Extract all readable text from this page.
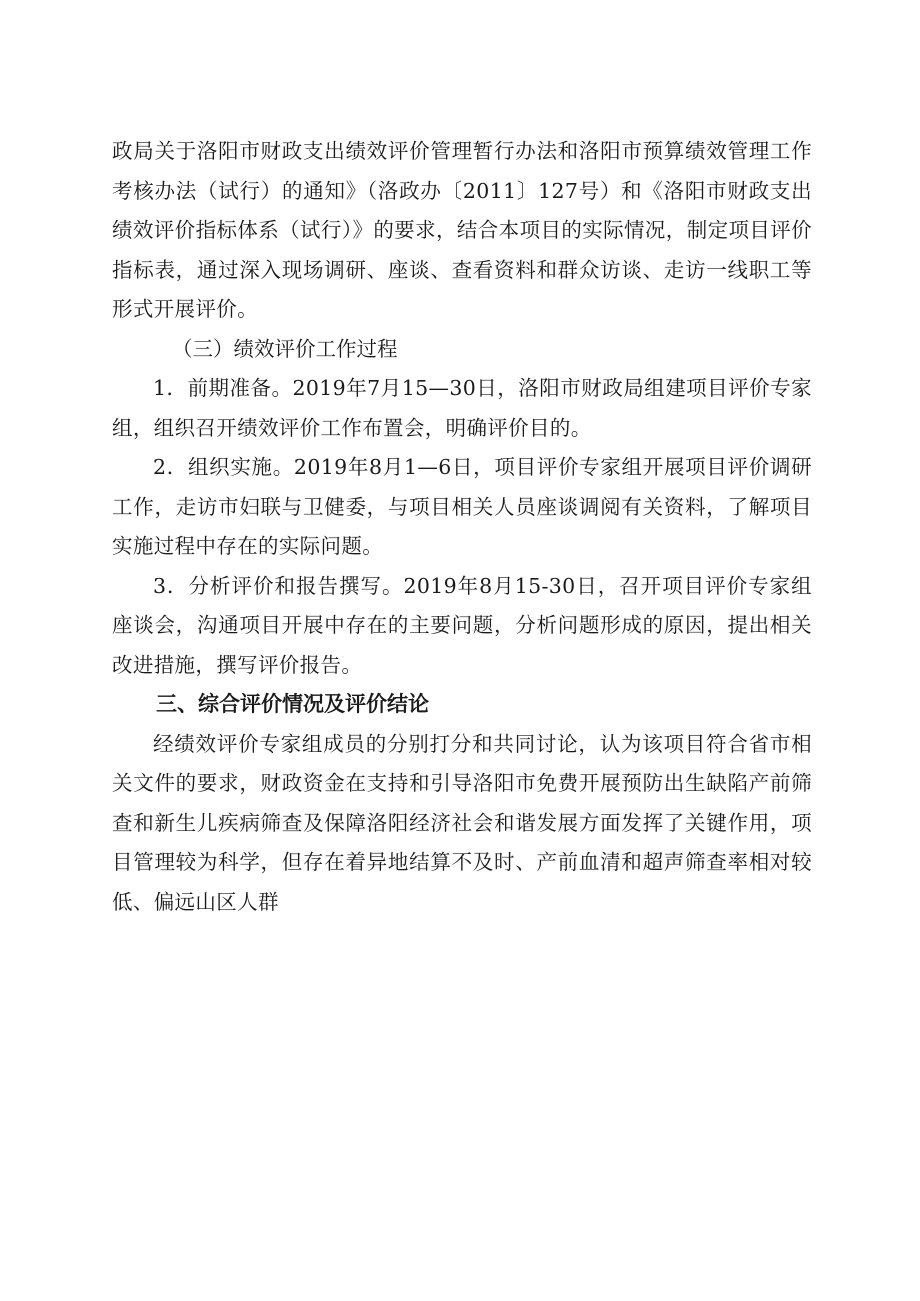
政局关于洛阳市财政支出绩效评价管理暂行办法和洛阳市预算绩效管理工作考核办法（试行）的通知》（洛政办〔2011〕127号）和《洛阳市财政支出绩效评价指标体系（试行）》的要求，结合本项目的实际情况，制定项目评价指标表，通过深入现场调研、座谈、查看资料和群众访谈、走访一线职工等形式开展评价。

（三）绩效评价工作过程

1．前期准备。2019年7月15—30日，洛阳市财政局组建项目评价专家组，组织召开绩效评价工作布置会，明确评价目的。

2．组织实施。2019年8月1—6日，项目评价专家组开展项目评价调研工作，走访市妇联与卫健委，与项目相关人员座谈调阅有关资料，了解项目实施过程中存在的实际问题。

3．分析评价和报告撰写。2019年8月15-30日，召开项目评价专家组座谈会，沟通项目开展中存在的主要问题，分析问题形成的原因，提出相关改进措施，撰写评价报告。

三、综合评价情况及评价结论

经绩效评价专家组成员的分别打分和共同讨论，认为该项目符合省市相关文件的要求，财政资金在支持和引导洛阳市免费开展预防出生缺陷产前筛查和新生儿疾病筛查及保障洛阳经济社会和谐发展方面发挥了关键作用，项目管理较为科学，但存在着异地结算不及时、产前血清和超声筛查率相对较低、偏远山区人群
